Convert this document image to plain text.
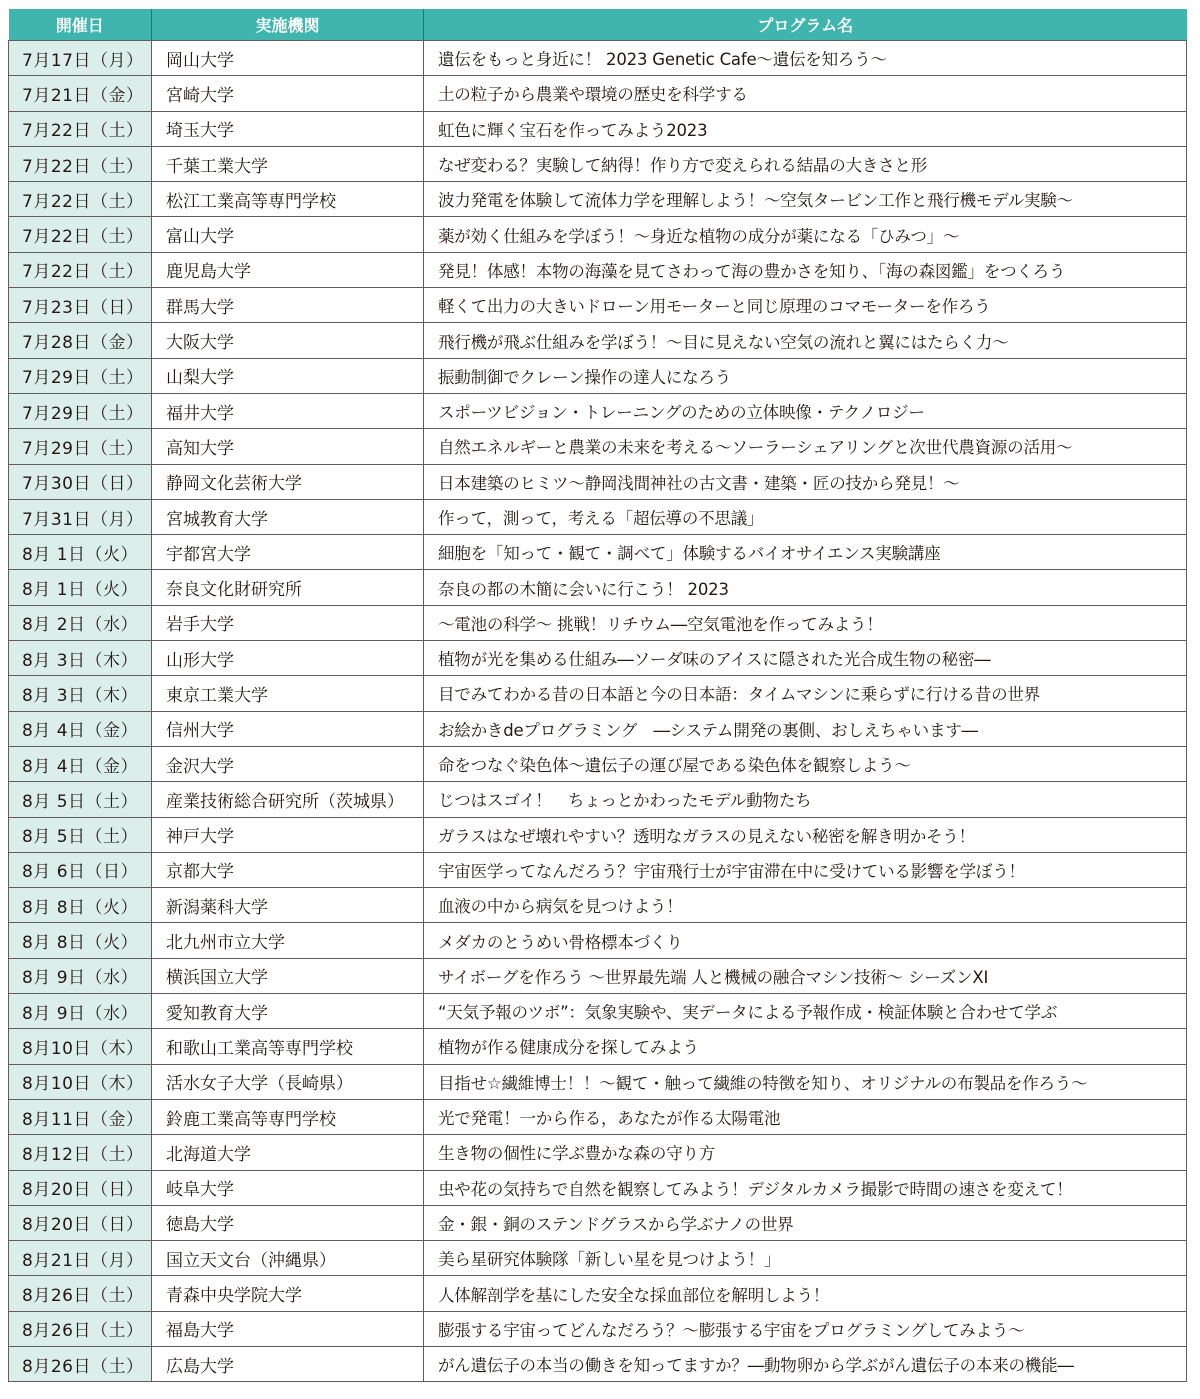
開催日	実施機関	プログラム名
7月17日（月）	岡山大学	遺伝をもっと身近に！ 2023 Genetic Cafe〜遺伝を知ろう〜
7月21日（金）	宮崎大学	土の粒子から農業や環境の歴史を科学する
7月22日（土）	埼玉大学	虹色に輝く宝石を作ってみよう2023
7月22日（土）	千葉工業大学	なぜ変わる？実験して納得！作り方で変えられる結晶の大きさと形
7月22日（土）	松江工業高等専門学校	波力発電を体験して流体力学を理解しよう！〜空気タービン工作と飛行機モデル実験〜
7月22日（土）	富山大学	薬が効く仕組みを学ぼう！〜身近な植物の成分が薬になる「ひみつ」〜
7月22日（土）	鹿児島大学	発見！体感！本物の海藻を見てさわって海の豊かさを知り、「海の森図鑑」をつくろう
7月23日（日）	群馬大学	軽くて出力の大きいドローン用モーターと同じ原理のコマモーターを作ろう
7月28日（金）	大阪大学	飛行機が飛ぶ仕組みを学ぼう！〜目に見えない空気の流れと翼にはたらく力〜
7月29日（土）	山梨大学	振動制御でクレーン操作の達人になろう
7月29日（土）	福井大学	スポーツビジョン・トレーニングのための立体映像・テクノロジー
7月29日（土）	高知大学	自然エネルギーと農業の未来を考える〜ソーラーシェアリングと次世代農資源の活用〜
7月30日（日）	静岡文化芸術大学	日本建築のヒミツ〜静岡浅間神社の古文書・建築・匠の技から発見！〜
7月31日（月）	宮城教育大学	作って，測って，考える「超伝導の不思議」
8月 1日（火）	宇都宮大学	細胞を「知って・観て・調べて」体験するバイオサイエンス実験講座
8月 1日（火）	奈良文化財研究所	奈良の都の木簡に会いに行こう！ 2023
8月 2日（水）	岩手大学	〜電池の科学〜 挑戦！リチウム―空気電池を作ってみよう！
8月 3日（木）	山形大学	植物が光を集める仕組み―ソーダ味のアイスに隠された光合成生物の秘密―
8月 3日（木）	東京工業大学	目でみてわかる昔の日本語と今の日本語：タイムマシンに乗らずに行ける昔の世界
8月 4日（金）	信州大学	お絵かきdeプログラミング　―システム開発の裏側、おしえちゃいます―
8月 4日（金）	金沢大学	命をつなぐ染色体〜遺伝子の運び屋である染色体を観察しよう〜
8月 5日（土）	産業技術総合研究所（茨城県）	じつはスゴイ！　ちょっとかわったモデル動物たち
8月 5日（土）	神戸大学	ガラスはなぜ壊れやすい？透明なガラスの見えない秘密を解き明かそう！
8月 6日（日）	京都大学	宇宙医学ってなんだろう？宇宙飛行士が宇宙滞在中に受けている影響を学ぼう！
8月 8日（火）	新潟薬科大学	血液の中から病気を見つけよう！
8月 8日（火）	北九州市立大学	メダカのとうめい骨格標本づくり
8月 9日（水）	横浜国立大学	サイボーグを作ろう 〜世界最先端 人と機械の融合マシン技術〜 シーズンXI
8月 9日（水）	愛知教育大学	“天気予報のツボ”：気象実験や、実データによる予報作成・検証体験と合わせて学ぶ
8月10日（木）	和歌山工業高等専門学校	植物が作る健康成分を探してみよう
8月10日（木）	活水女子大学（長崎県）	目指せ☆繊維博士！！〜観て・触って繊維の特徴を知り、オリジナルの布製品を作ろう〜
8月11日（金）	鈴鹿工業高等専門学校	光で発電！一から作る，あなたが作る太陽電池
8月12日（土）	北海道大学	生き物の個性に学ぶ豊かな森の守り方
8月20日（日）	岐阜大学	虫や花の気持ちで自然を観察してみよう！デジタルカメラ撮影で時間の速さを変えて！
8月20日（日）	徳島大学	金・銀・銅のステンドグラスから学ぶナノの世界
8月21日（月）	国立天文台（沖縄県）	美ら星研究体験隊「新しい星を見つけよう！」
8月26日（土）	青森中央学院大学	人体解剖学を基にした安全な採血部位を解明しよう！
8月26日（土）	福島大学	膨張する宇宙ってどんなだろう？〜膨張する宇宙をプログラミングしてみよう〜
8月26日（土）	広島大学	がん遺伝子の本当の働きを知ってますか？―動物卵から学ぶがん遺伝子の本来の機能―
